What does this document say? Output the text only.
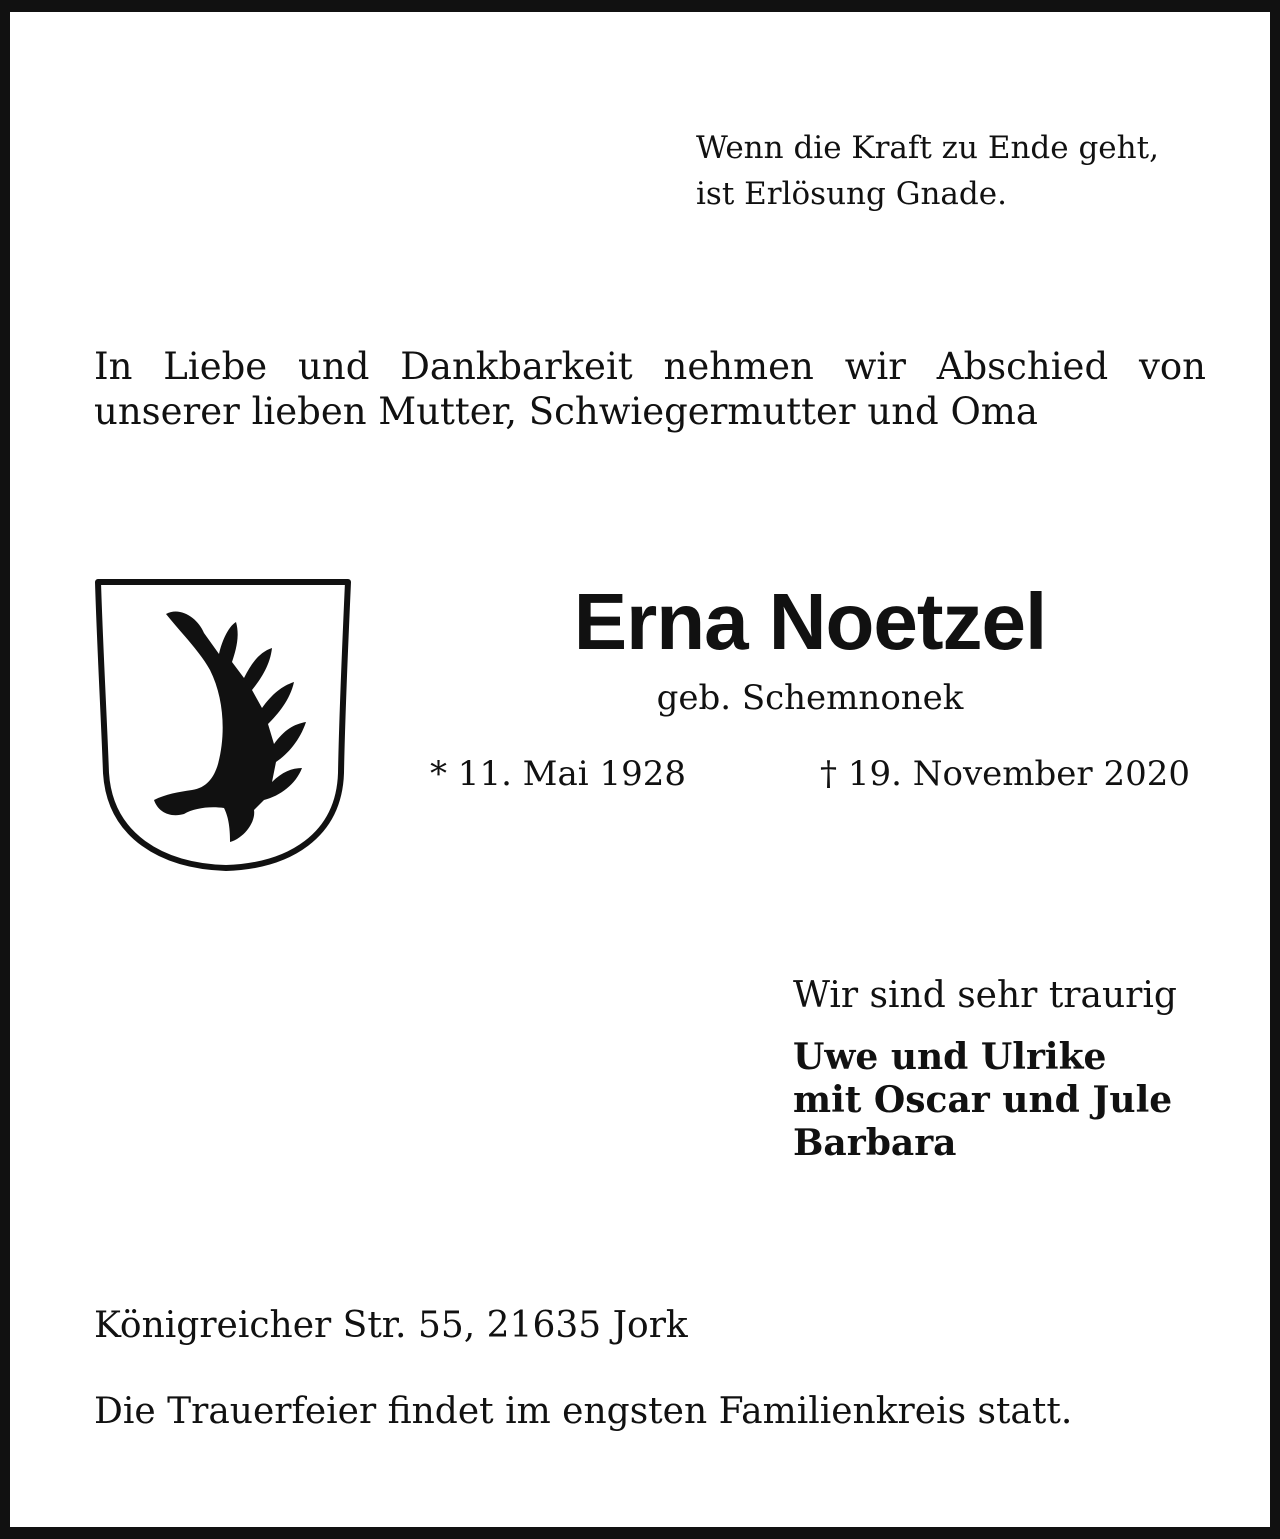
Wenn die Kraft zu Ende geht,
ist Erlösung Gnade.
In Liebe und Dankbarkeit nehmen wir Abschied von unserer lieben Mutter, Schwiegermutter und Oma
Erna Noetzel
geb. Schemnonek
* 11. Mai 1928	† 19. November 2020
Wir sind sehr traurig
Uwe und Ulrike
mit Oscar und Jule
Barbara
Königreicher Str. 55, 21635 Jork
Die Trauerfeier findet im engsten Familienkreis statt.
